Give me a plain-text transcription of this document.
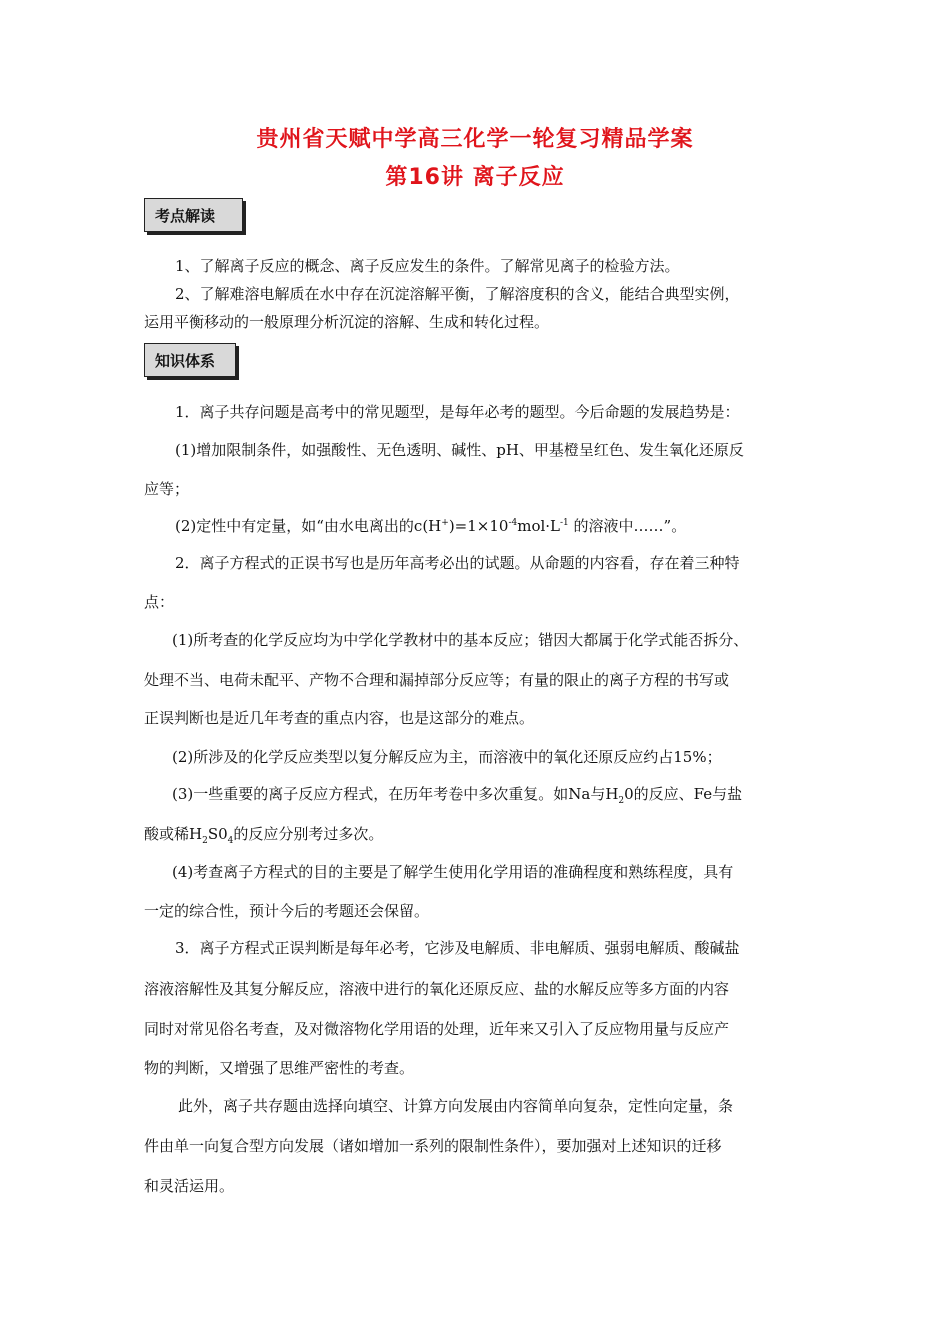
贵州省天赋中学高三化学一轮复习精品学案
第16讲 离子反应
考点解读
1、了解离子反应的概念、离子反应发生的条件。了解常见离子的检验方法。
2、了解难溶电解质在水中存在沉淀溶解平衡，了解溶度积的含义，能结合典型实例，
运用平衡移动的一般原理分析沉淀的溶解、生成和转化过程。
知识体系
1．离子共存问题是高考中的常见题型，是每年必考的题型。今后命题的发展趋势是：
(1)增加限制条件，如强酸性、无色透明、碱性、pH、甲基橙呈红色、发生氧化还原反
应等；
(2)定性中有定量，如“由水电离出的$c(H^+)=1\times 10^{-4}mol\cdot L^{-1}$ 的溶液中……”。
2．离子方程式的正误书写也是历年高考必出的试题。从命题的内容看，存在着三种特
点：
(1)所考查的化学反应均为中学化学教材中的基本反应；错因大都属于化学式能否拆分、
处理不当、电荷未配平、产物不合理和漏掉部分反应等；有量的限止的离子方程的书写或
正误判断也是近几年考查的重点内容，也是这部分的难点。
(2)所涉及的化学反应类型以复分解反应为主，而溶液中的氧化还原反应约占15%；
(3)一些重要的离子反应方程式，在历年考卷中多次重复。如Na与$H_20$的反应、Fe与盐
酸或稀$H_2S0_4$的反应分别考过多次。
(4)考查离子方程式的目的主要是了解学生使用化学用语的准确程度和熟练程度，具有
一定的综合性，预计今后的考题还会保留。
3．离子方程式正误判断是每年必考，它涉及电解质、非电解质、强弱电解质、酸碱盐
溶液溶解性及其复分解反应，溶液中进行的氧化还原反应、盐的水解反应等多方面的内容
同时对常见俗名考查，及对微溶物化学用语的处理，近年来又引入了反应物用量与反应产
物的判断，又增强了思维严密性的考查。
此外，离子共存题由选择向填空、计算方向发展由内容简单向复杂，定性向定量，条
件由单一向复合型方向发展（诸如增加一系列的限制性条件），要加强对上述知识的迁移
和灵活运用。
